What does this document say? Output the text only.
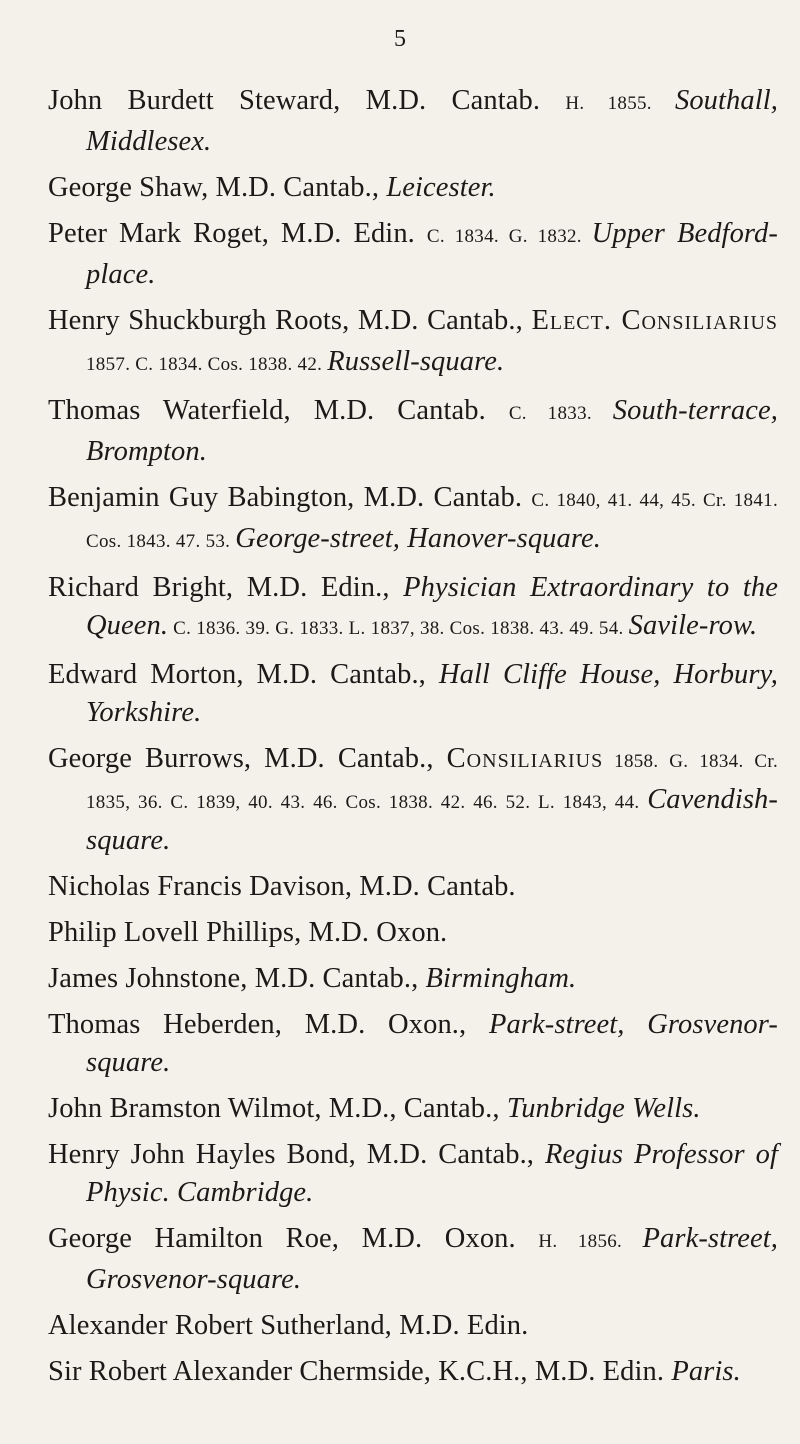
5

John Burdett Steward, M.D. Cantab. H. 1855. Southall, Middlesex.

George Shaw, M.D. Cantab., Leicester.

Peter Mark Roget, M.D. Edin. C. 1834. G. 1832. Upper Bedford-place.

Henry Shuckburgh Roots, M.D. Cantab., Elect. Consiliarius 1857. C. 1834. Cos. 1838. 42. Russell-square.

Thomas Waterfield, M.D. Cantab. C. 1833. South-terrace, Brompton.

Benjamin Guy Babington, M.D. Cantab. C. 1840, 41. 44, 45. Cr. 1841. Cos. 1843. 47. 53. George-street, Hanover-square.

Richard Bright, M.D. Edin., Physician Extraordinary to the Queen. C. 1836. 39. G. 1833. L. 1837, 38. Cos. 1838. 43. 49. 54. Savile-row.

Edward Morton, M.D. Cantab., Hall Cliffe House, Horbury, Yorkshire.

George Burrows, M.D. Cantab., Consiliarius 1858. G. 1834. Cr. 1835, 36. C. 1839, 40. 43. 46. Cos. 1838. 42. 46. 52. L. 1843, 44. Cavendish-square.

Nicholas Francis Davison, M.D. Cantab.

Philip Lovell Phillips, M.D. Oxon.

James Johnstone, M.D. Cantab., Birmingham.

Thomas Heberden, M.D. Oxon., Park-street, Grosvenor-square.

John Bramston Wilmot, M.D., Cantab., Tunbridge Wells.

Henry John Hayles Bond, M.D. Cantab., Regius Professor of Physic. Cambridge.

George Hamilton Roe, M.D. Oxon. H. 1856. Park-street, Grosvenor-square.

Alexander Robert Sutherland, M.D. Edin.

Sir Robert Alexander Chermside, K.C.H., M.D. Edin. Paris.
